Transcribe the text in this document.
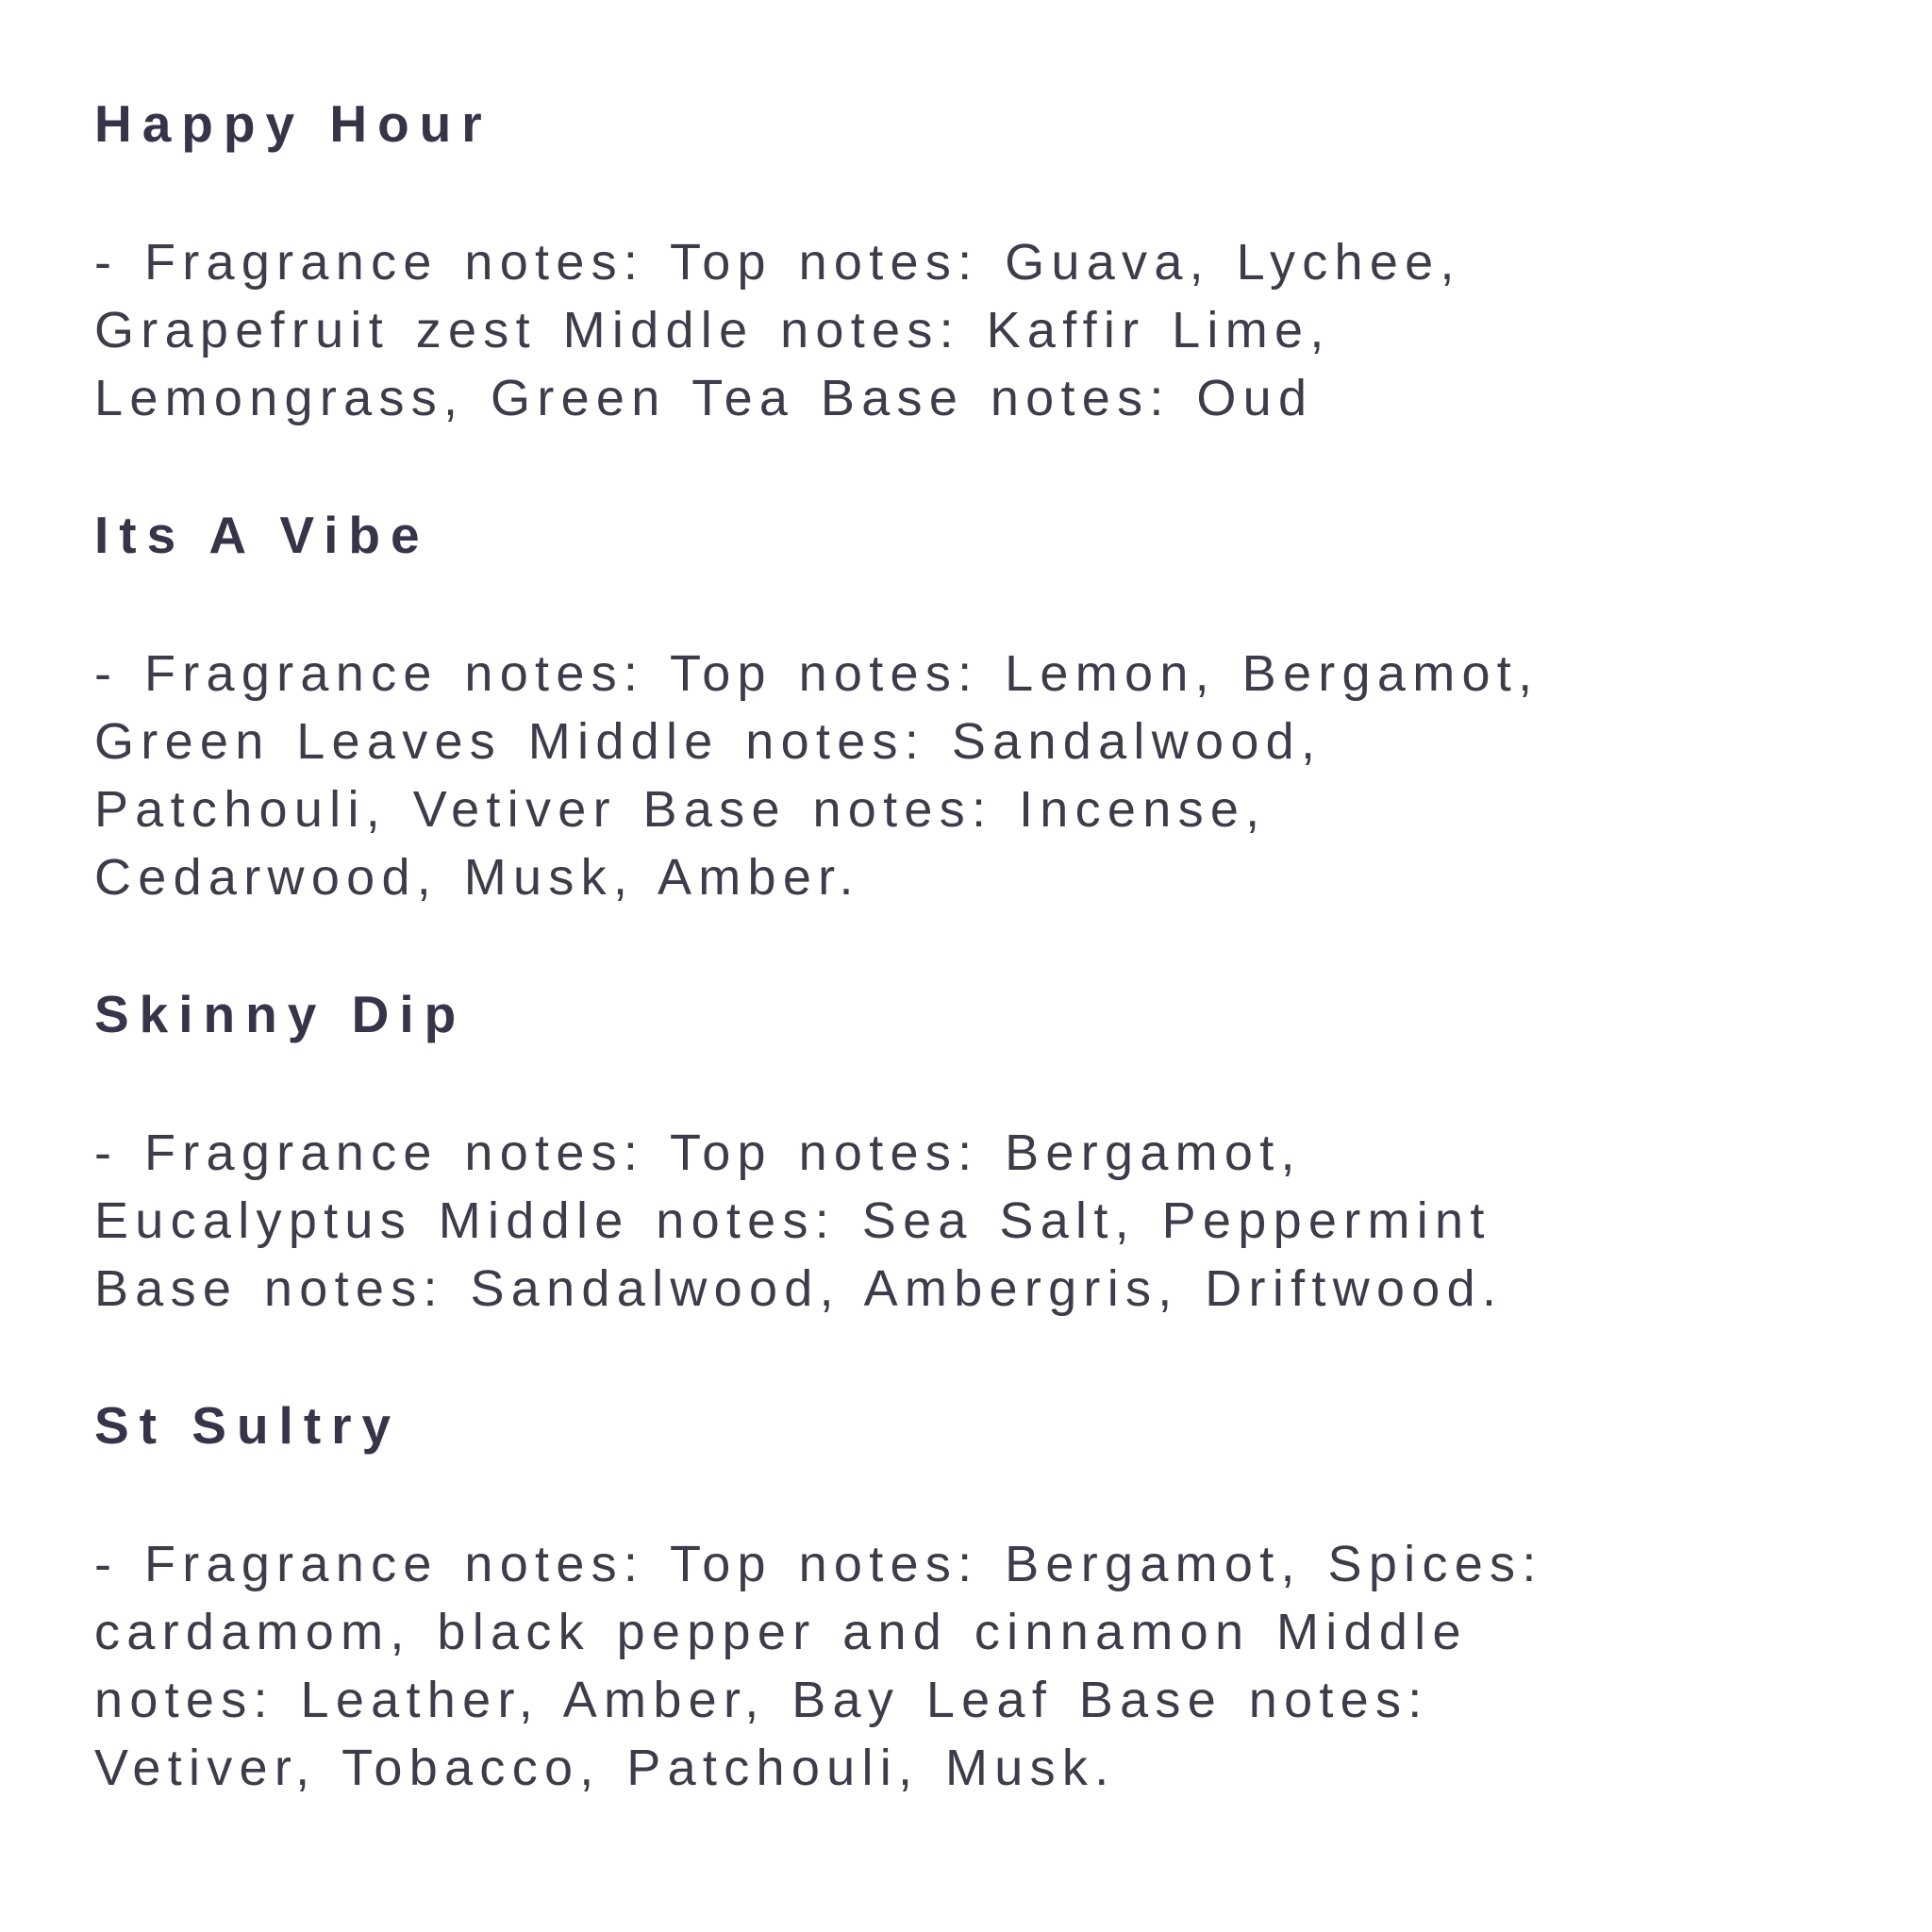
Happy Hour
- Fragrance notes: Top notes: Guava, Lychee,
Grapefruit zest Middle notes: Kaffir Lime,
Lemongrass, Green Tea Base notes: Oud
Its A Vibe
- Fragrance notes: Top notes: Lemon, Bergamot,
Green Leaves Middle notes: Sandalwood,
Patchouli, Vetiver Base notes: Incense,
Cedarwood, Musk, Amber.
Skinny Dip
- Fragrance notes: Top notes: Bergamot,
Eucalyptus Middle notes: Sea Salt, Peppermint
Base notes: Sandalwood, Ambergris, Driftwood.
St Sultry
- Fragrance notes: Top notes: Bergamot, Spices:
cardamom, black pepper and cinnamon Middle
notes: Leather, Amber, Bay Leaf Base notes:
Vetiver, Tobacco, Patchouli, Musk.
